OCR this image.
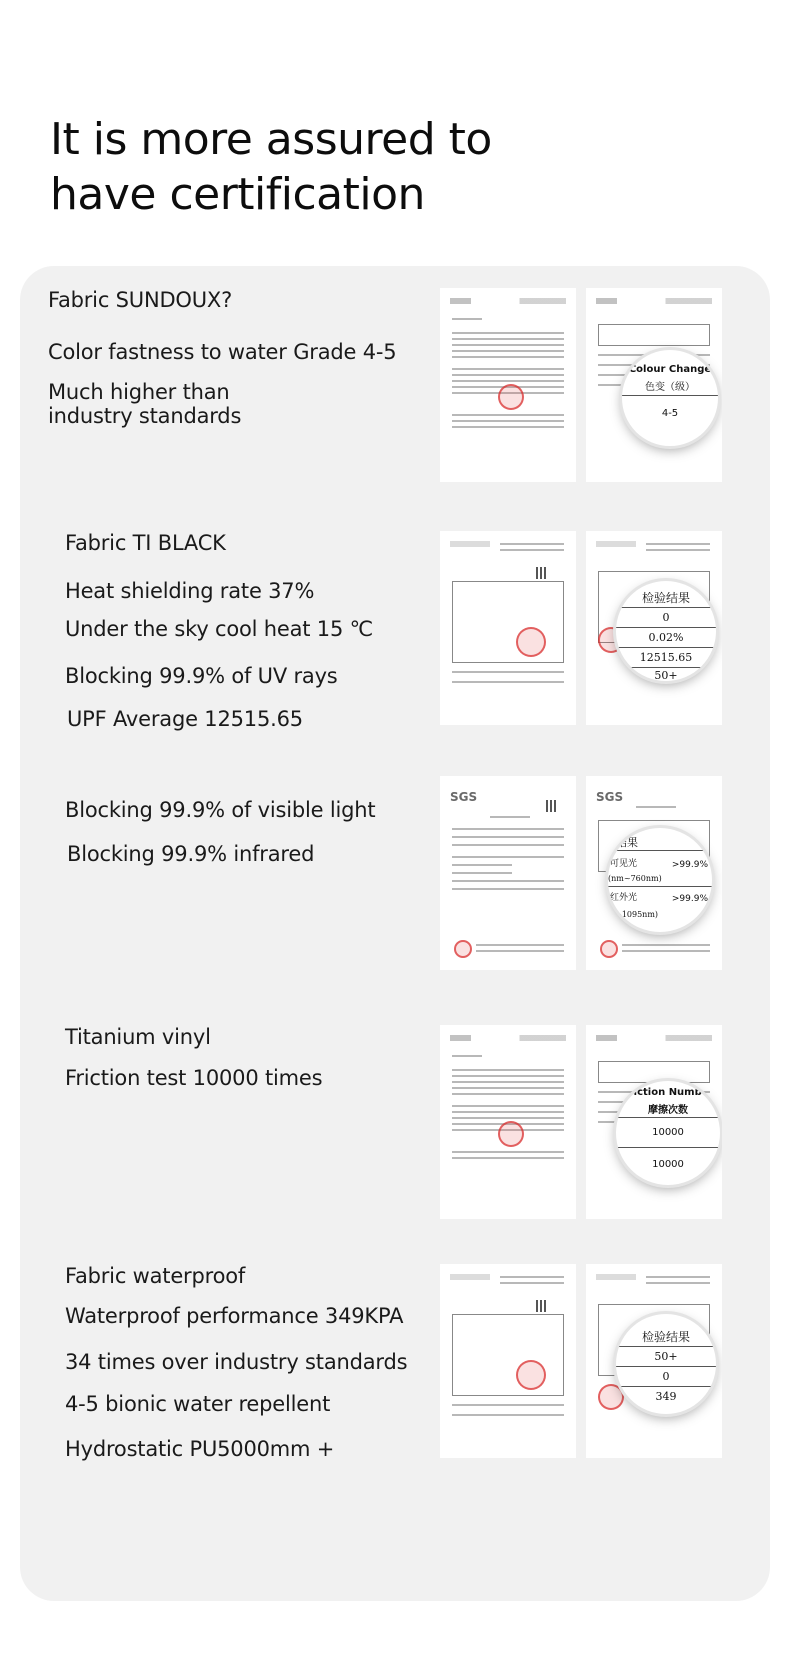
It is more assured to
have certification
Fabric SUNDOUX?
Color fastness to water Grade 4-5
Much higher than
industry standards
Colour Change
色变（级）
4-5
Fabric TI BLACK
Heat shielding rate 37%
Under the sky cool heat 15 ℃
Blocking 99.9% of UV rays
UPF Average 12515.65
检验结果
0
0.02%
12515.65
50+
Blocking 99.9% of visible light
Blocking 99.9% infrared
SGS	SGS
结果
可见光	>99.9%
(nm~760nm)
红外光	>99.9%
(~1095nm)
Titanium vinyl
Friction test 10000 times
Friction Number
摩擦次数
10000
10000
Fabric waterproof
Waterproof performance 349KPA
34 times over industry standards
4-5 bionic water repellent
Hydrostatic PU5000mm +
检验结果
50+
0
349
